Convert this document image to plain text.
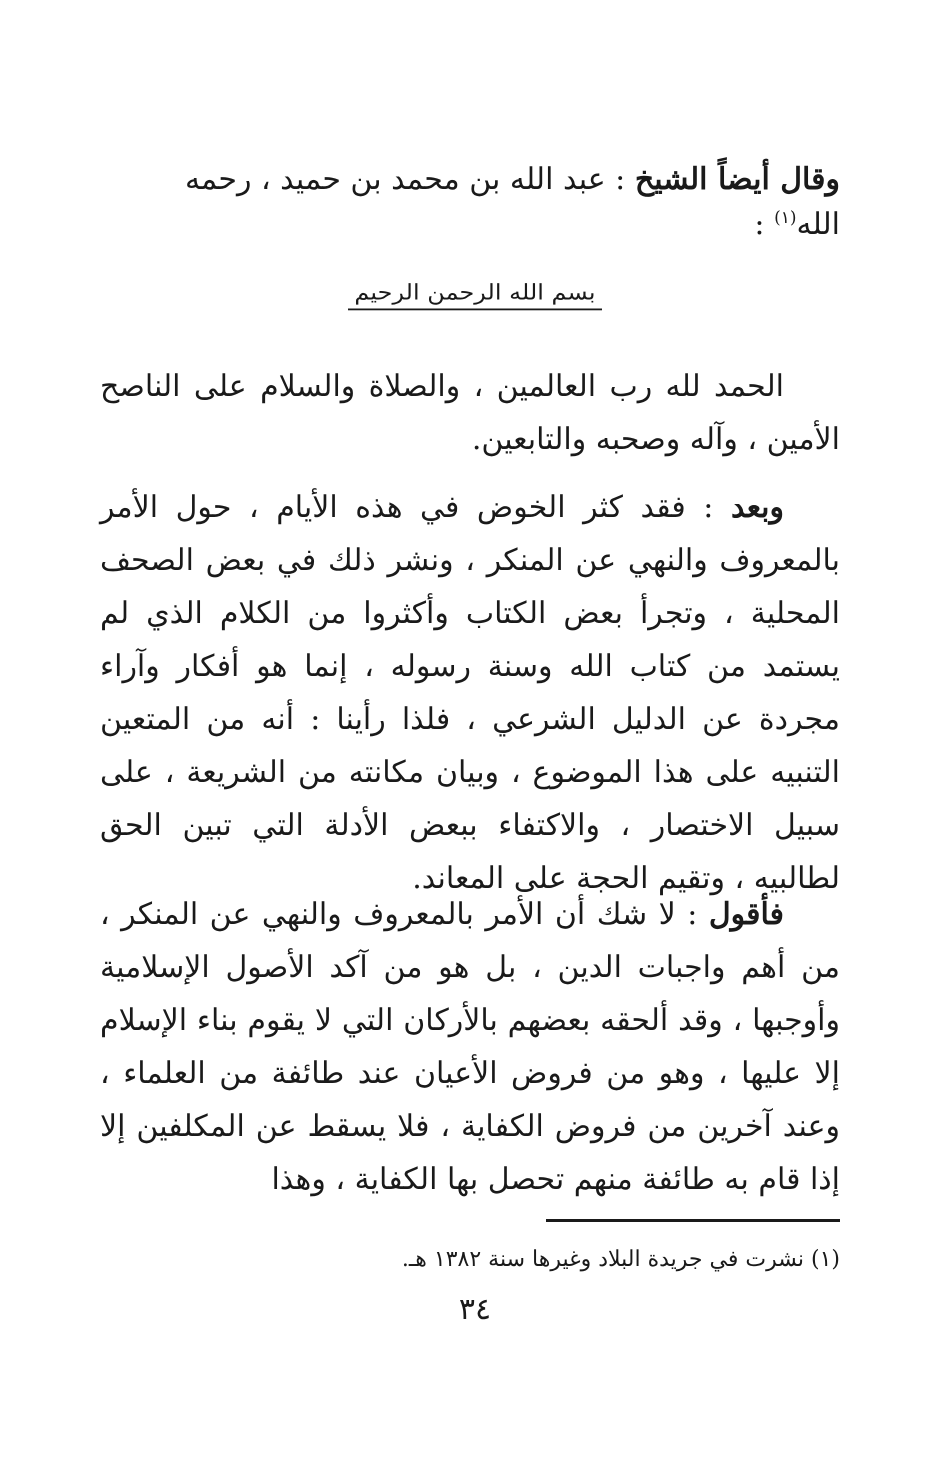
وقال أيضاً الشيخ : عبد الله بن محمد بن حميد ، رحمه
الله$^{(١)}$ :
بسم الله الرحمن الرحيم
الحمد لله رب العالمين ، والصلاة والسلام على الناصح الأمين ، وآله وصحبه والتابعين.
وبعد : فقد كثر الخوض في هذه الأيام ، حول الأمر بالمعروف والنهي عن المنكر ، ونشر ذلك في بعض الصحف المحلية ، وتجرأ بعض الكتاب وأكثروا من الكلام الذي لم يستمد من كتاب الله وسنة رسوله ، إنما هو أفكار وآراء مجردة عن الدليل الشرعي ، فلذا رأينا : أنه من المتعين التنبيه على هذا الموضوع ، وبيان مكانته من الشريعة ، على سبيل الاختصار ، والاكتفاء ببعض الأدلة التي تبين الحق لطالبيه ، وتقيم الحجة على المعاند.
فأقول : لا شك أن الأمر بالمعروف والنهي عن المنكر ، من أهم واجبات الدين ، بل هو من آكد الأصول الإسلامية وأوجبها ، وقد ألحقه بعضهم بالأركان التي لا يقوم بناء الإسلام إلا عليها ، وهو من فروض الأعيان عند طائفة من العلماء ، وعند آخرين من فروض الكفاية ، فلا يسقط عن المكلفين إلا إذا قام به طائفة منهم تحصل بها الكفاية ، وهذا
(١) نشرت في جريدة البلاد وغيرها سنة ١٣٨٢ هـ.
٣٤
